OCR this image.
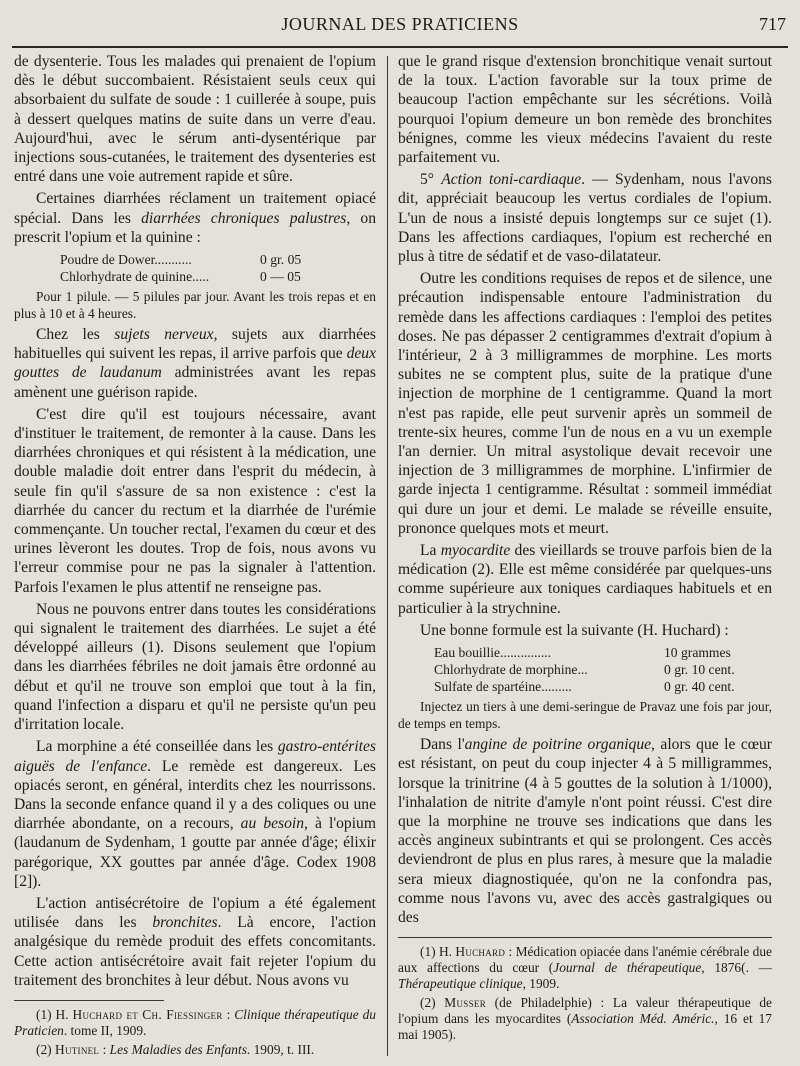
JOURNAL DES PRATICIENS	717

de dysenterie. Tous les malades qui prenaient de l'opium dès le début succombaient. Résistaient seuls ceux qui absorbaient du sulfate de soude : 1 cuillerée à soupe, puis à dessert quelques matins de suite dans un verre d'eau. Aujourd'hui, avec le sérum anti-dysentérique par injections sous-cutanées, le traitement des dysenteries est entré dans une voie autrement rapide et sûre.

Certaines diarrhées réclament un traitement opiacé spécial. Dans les diarrhées chroniques palustres, on prescrit l'opium et la quinine :

Poudre de Dower...........	0 gr. 05
Chlorhydrate de quinine.....	0 — 05

Pour 1 pilule. — 5 pilules par jour. Avant les trois repas et en plus à 10 et à 4 heures.

Chez les sujets nerveux, sujets aux diarrhées habituelles qui suivent les repas, il arrive parfois que deux gouttes de laudanum administrées avant les repas amènent une guérison rapide.

C'est dire qu'il est toujours nécessaire, avant d'instituer le traitement, de remonter à la cause. Dans les diarrhées chroniques et qui résistent à la médication, une double maladie doit entrer dans l'esprit du médecin, à seule fin qu'il s'assure de sa non existence : c'est la diarrhée du cancer du rectum et la diarrhée de l'urémie commençante. Un toucher rectal, l'examen du cœur et des urines lèveront les doutes. Trop de fois, nous avons vu l'erreur commise pour ne pas la signaler à l'attention. Parfois l'examen le plus attentif ne renseigne pas.

Nous ne pouvons entrer dans toutes les considérations qui signalent le traitement des diarrhées. Le sujet a été développé ailleurs (1). Disons seulement que l'opium dans les diarrhées fébriles ne doit jamais être ordonné au début et qu'il ne trouve son emploi que tout à la fin, quand l'infection a disparu et qu'il ne persiste qu'un peu d'irritation locale.

La morphine a été conseillée dans les gastro-entérites aiguës de l'enfance. Le remède est dangereux. Les opiacés seront, en général, interdits chez les nourrissons. Dans la seconde enfance quand il y a des coliques ou une diarrhée abondante, on a recours, au besoin, à l'opium (laudanum de Sydenham, 1 goutte par année d'âge; élixir parégorique, XX gouttes par année d'âge. Codex 1908 [2]).

L'action antisécrétoire de l'opium a été également utilisée dans les bronchites. Là encore, l'action analgésique du remède produit des effets concomitants. Cette action antisécrétoire avait fait rejeter l'opium du traitement des bronchites à leur début. Nous avons vu

(1) H. Huchard et Ch. Fiessinger : Clinique thérapeutique du Praticien. tome II, 1909.

(2) Hutinel : Les Maladies des Enfants. 1909, t. III.

que le grand risque d'extension bronchitique venait surtout de la toux. L'action favorable sur la toux prime de beaucoup l'action empêchante sur les sécrétions. Voilà pourquoi l'opium demeure un bon remède des bronchites bénignes, comme les vieux médecins l'avaient du reste parfaitement vu.

5° Action toni-cardiaque. — Sydenham, nous l'avons dit, appréciait beaucoup les vertus cordiales de l'opium. L'un de nous a insisté depuis longtemps sur ce sujet (1). Dans les affections cardiaques, l'opium est recherché en plus à titre de sédatif et de vaso-dilatateur.

Outre les conditions requises de repos et de silence, une précaution indispensable entoure l'administration du remède dans les affections cardiaques : l'emploi des petites doses. Ne pas dépasser 2 centigrammes d'extrait d'opium à l'intérieur, 2 à 3 milligrammes de morphine. Les morts subites ne se comptent plus, suite de la pratique d'une injection de morphine de 1 centigramme. Quand la mort n'est pas rapide, elle peut survenir après un sommeil de trente-six heures, comme l'un de nous en a vu un exemple l'an dernier. Un mitral asystolique devait recevoir une injection de 3 milligrammes de morphine. L'infirmier de garde injecta 1 centigramme. Résultat : sommeil immédiat qui dure un jour et demi. Le malade se réveille ensuite, prononce quelques mots et meurt.

La myocardite des vieillards se trouve parfois bien de la médication (2). Elle est même considérée par quelques-uns comme supérieure aux toniques cardiaques habituels et en particulier à la strychnine.

Une bonne formule est la suivante (H. Huchard) :

Eau bouillie...............	10 grammes
Chlorhydrate de morphine...	0 gr. 10 cent.
Sulfate de spartéine.........	0 gr. 40 cent.

Injectez un tiers à une demi-seringue de Pravaz une fois par jour, de temps en temps.

Dans l'angine de poitrine organique, alors que le cœur est résistant, on peut du coup injecter 4 à 5 milligrammes, lorsque la trinitrine (4 à 5 gouttes de la solution à 1/1000), l'inhalation de nitrite d'amyle n'ont point réussi. C'est dire que la morphine ne trouve ses indications que dans les accès angineux subintrants et qui se prolongent. Ces accès deviendront de plus en plus rares, à mesure que la maladie sera mieux diagnostiquée, qu'on ne la confondra pas, comme nous l'avons vu, avec des accès gastralgiques ou des

(1) H. Huchard : Médication opiacée dans l'anémie cérébrale due aux affections du cœur (Journal de thérapeutique, 1876(. — Thérapeutique clinique, 1909.

(2) Musser (de Philadelphie) : La valeur thérapeutique de l'opium dans les myocardites (Association Méd. Améric., 16 et 17 mai 1905).
